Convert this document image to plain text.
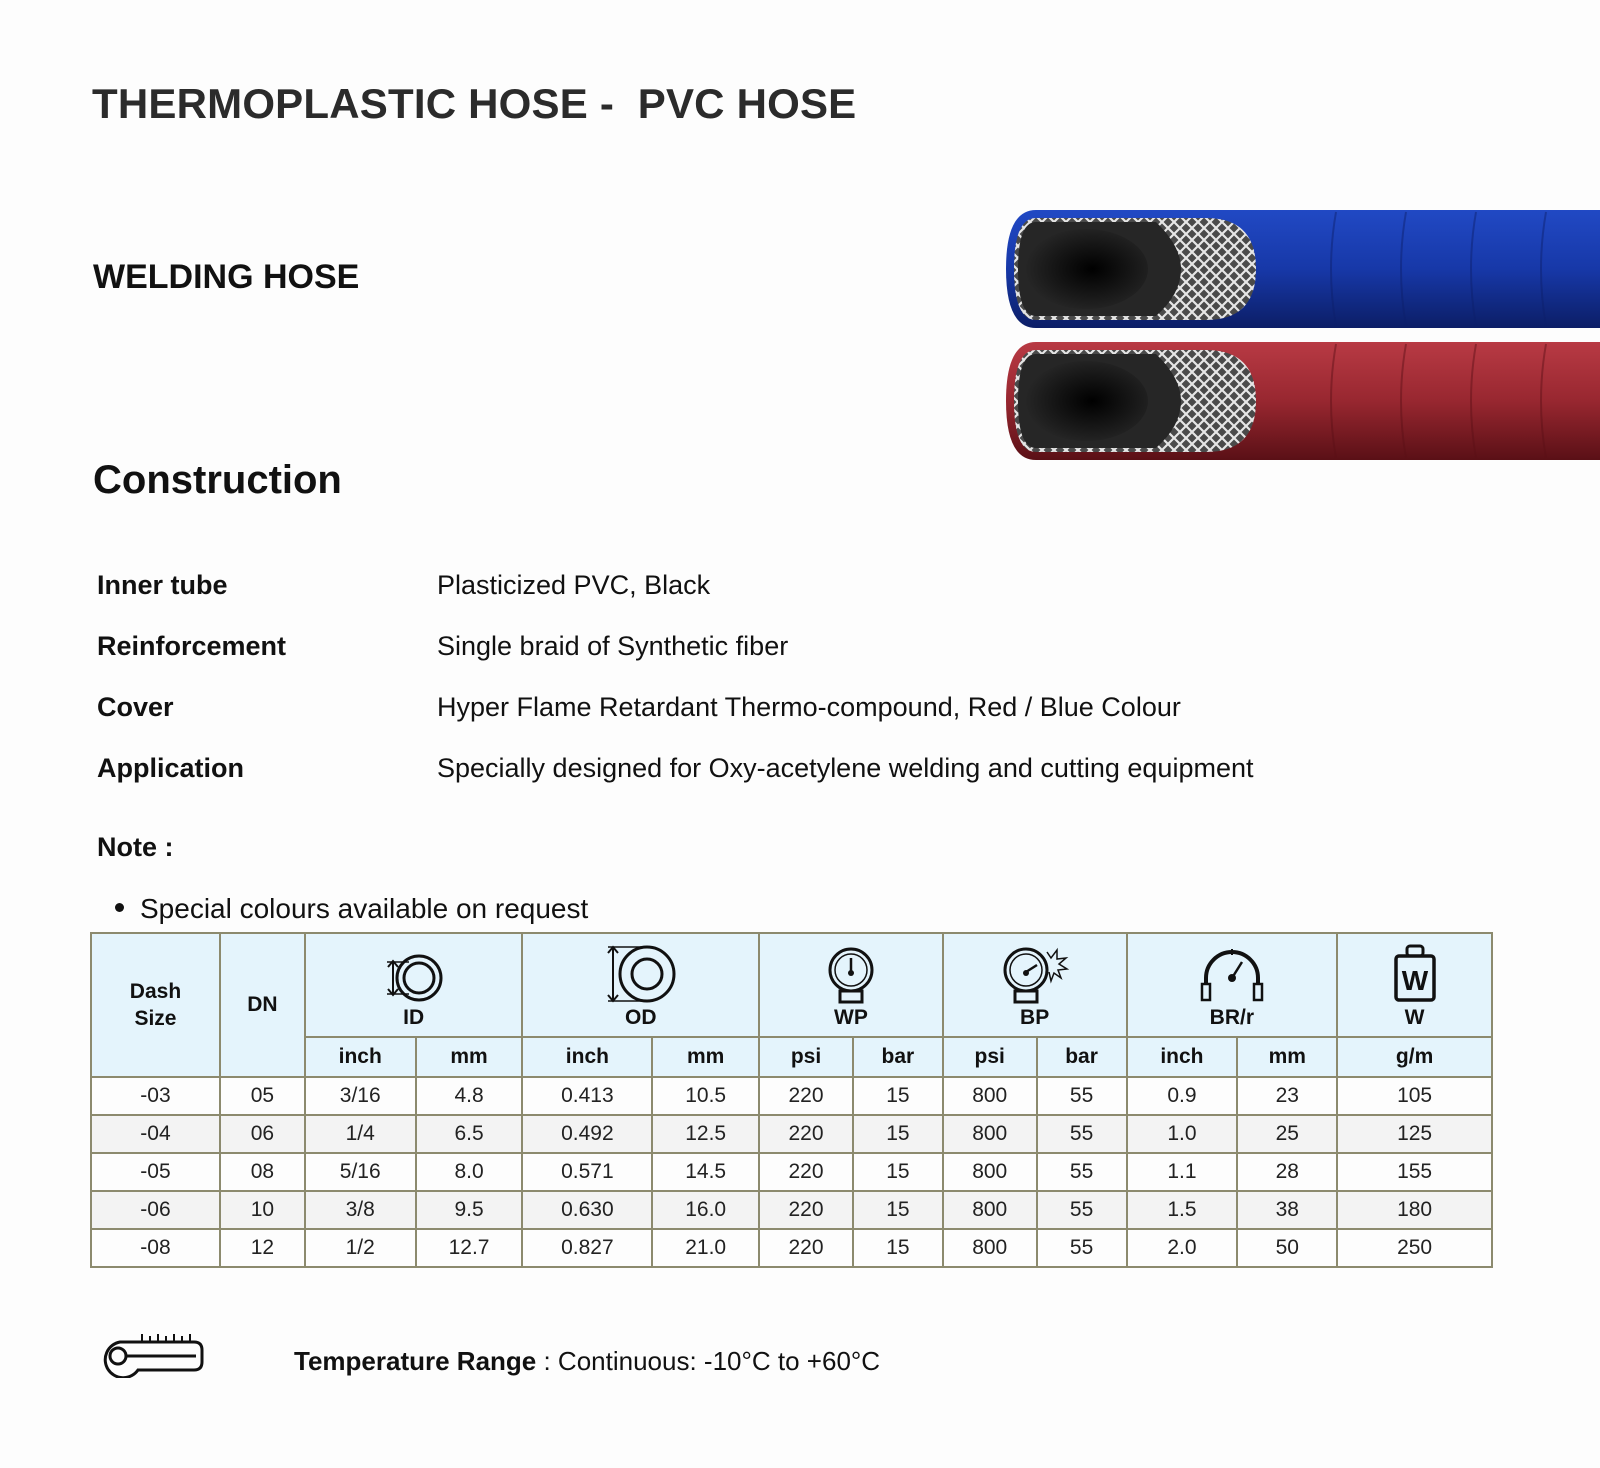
THERMOPLASTIC HOSE -  PVC HOSE
WELDING HOSE
Construction
Inner tube	Plasticized PVC, Black
Reinforcement	Single braid of Synthetic fiber
Cover	Hyper Flame Retardant Thermo-compound, Red / Blue Colour
Application	Specially designed for Oxy-acetylene welding and cutting equipment
Note :
Special colours available on request
Dash Size	DN	ID		OD		WP		BP		BR/r		W
W
		inch	mm	inch	mm	psi	bar	psi	bar	inch	mm	g/m
-03	05	3/16	4.8	0.413	10.5	220	15	800	55	0.9	23	105
-04	06	1/4	6.5	0.492	12.5	220	15	800	55	1.0	25	125
-05	08	5/16	8.0	0.571	14.5	220	15	800	55	1.1	28	155
-06	10	3/8	9.5	0.630	16.0	220	15	800	55	1.5	38	180
-08	12	1/2	12.7	0.827	21.0	220	15	800	55	2.0	50	250
Temperature Range : Continuous: -10°C to +60°C
